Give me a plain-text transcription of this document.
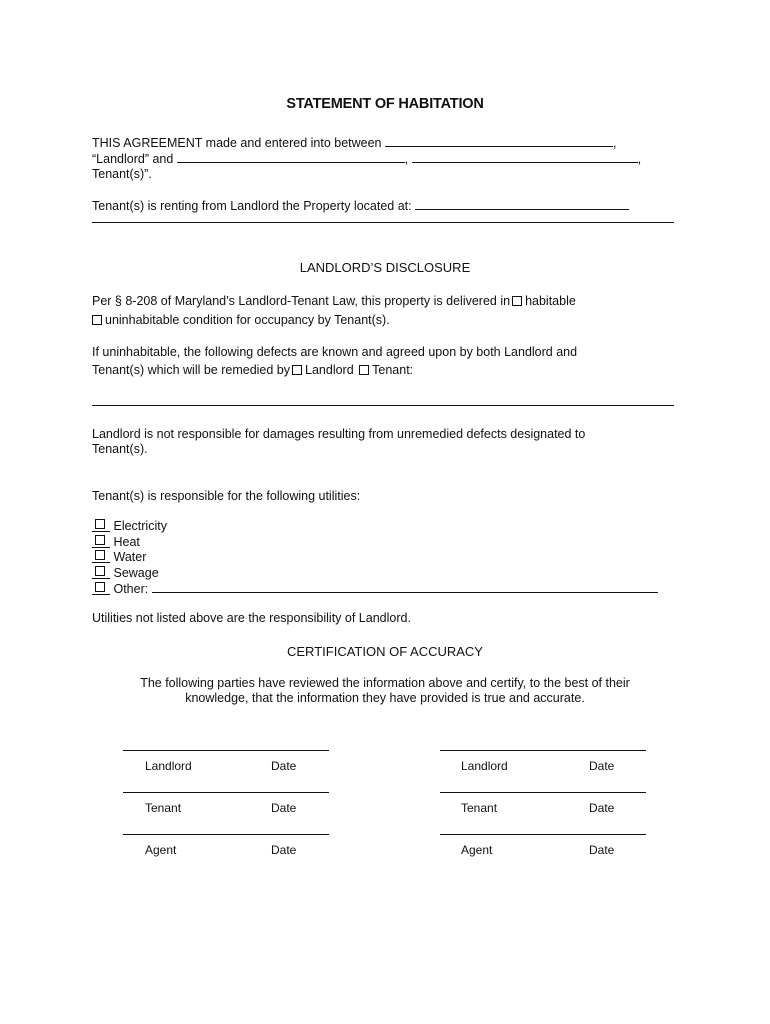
STATEMENT OF HABITATION
THIS AGREEMENT made and entered into between	,
“Landlord” and	,	,
Tenant(s)”.
Tenant(s) is renting from Landlord the Property located at:
LANDLORD’S DISCLOSURE
Per § 8-208 of Maryland’s Landlord-Tenant Law, this property is delivered in habitable
uninhabitable condition for occupancy by Tenant(s).
If uninhabitable, the following defects are known and agreed upon by both Landlord and
Tenant(s) which will be remedied by Landlord Tenant:
Landlord is not responsible for damages resulting from unremedied defects designated to
Tenant(s).
Tenant(s) is responsible for the following utilities:
Electricity
Heat
Water
Sewage
Other:
Utilities not listed above are the responsibility of Landlord.
CERTIFICATION OF ACCURACY
The following parties have reviewed the information above and certify, to the best of their
knowledge, that the information they have provided is true and accurate.
Landlord	Date	Landlord	Date
Tenant	Date	Tenant	Date
Agent	Date	Agent	Date
